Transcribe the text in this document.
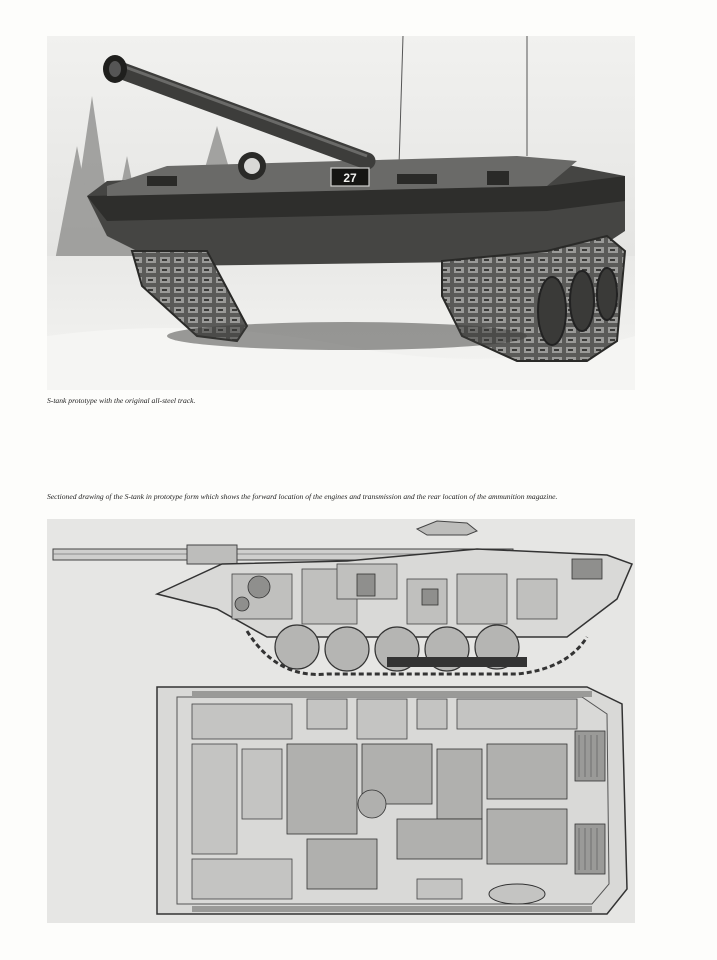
27
S-tank prototype with the original all-steel track.
Sectioned drawing of the S-tank in prototype form which shows the forward location of the engines and transmission and the rear location of the ammunition magazine.
